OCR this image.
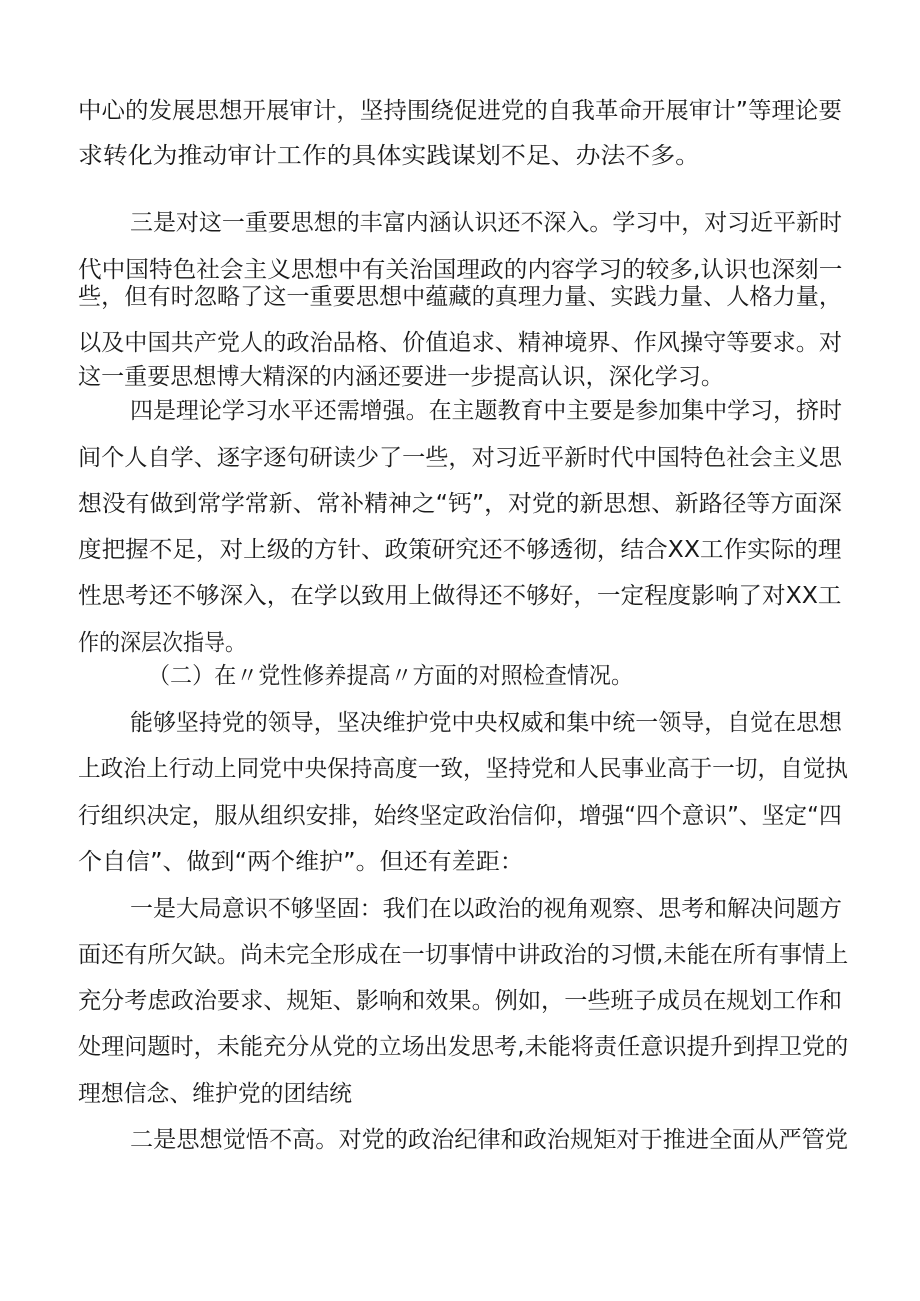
中心的发展思想开展审计，坚持围绕促进党的自我革命开展审计”等理论要

求转化为推动审计工作的具体实践谋划不足、办法不多。

三是对这一重要思想的丰富内涵认识还不深入。学习中，对习近平新时

代中国特色社会主义思想中有关治国理政的内容学习的较多,认识也深刻一

些，但有时忽略了这一重要思想中蕴藏的真理力量、实践力量、人格力量，

以及中国共产党人的政治品格、价值追求、精神境界、作风操守等要求。对

这一重要思想博大精深的内涵还要进一步提高认识，深化学习。

四是理论学习水平还需增强。在主题教育中主要是参加集中学习，挤时

间个人自学、逐字逐句研读少了一些，对习近平新时代中国特色社会主义思

想没有做到常学常新、常补精神之“钙”，对党的新思想、新路径等方面深

度把握不足，对上级的方针、政策研究还不够透彻，结合XX工作实际的理

性思考还不够深入，在学以致用上做得还不够好，一定程度影响了对XX工

作的深层次指导。

（二）在〃党性修养提高〃方面的对照检查情况。

能够坚持党的领导，坚决维护党中央权威和集中统一领导，自觉在思想

上政治上行动上同党中央保持高度一致，坚持党和人民事业高于一切，自觉执

行组织决定，服从组织安排，始终坚定政治信仰，增强“四个意识”、坚定“四

个自信”、做到“两个维护”。但还有差距：

一是大局意识不够坚固：我们在以政治的视角观察、思考和解决问题方

面还有所欠缺。尚未完全形成在一切事情中讲政治的习惯,未能在所有事情上

充分考虑政治要求、规矩、影响和效果。例如，一些班子成员在规划工作和

处理问题时，未能充分从党的立场出发思考,未能将责任意识提升到捍卫党的

理想信念、维护党的团结统

二是思想觉悟不高。对党的政治纪律和政治规矩对于推进全面从严管党
